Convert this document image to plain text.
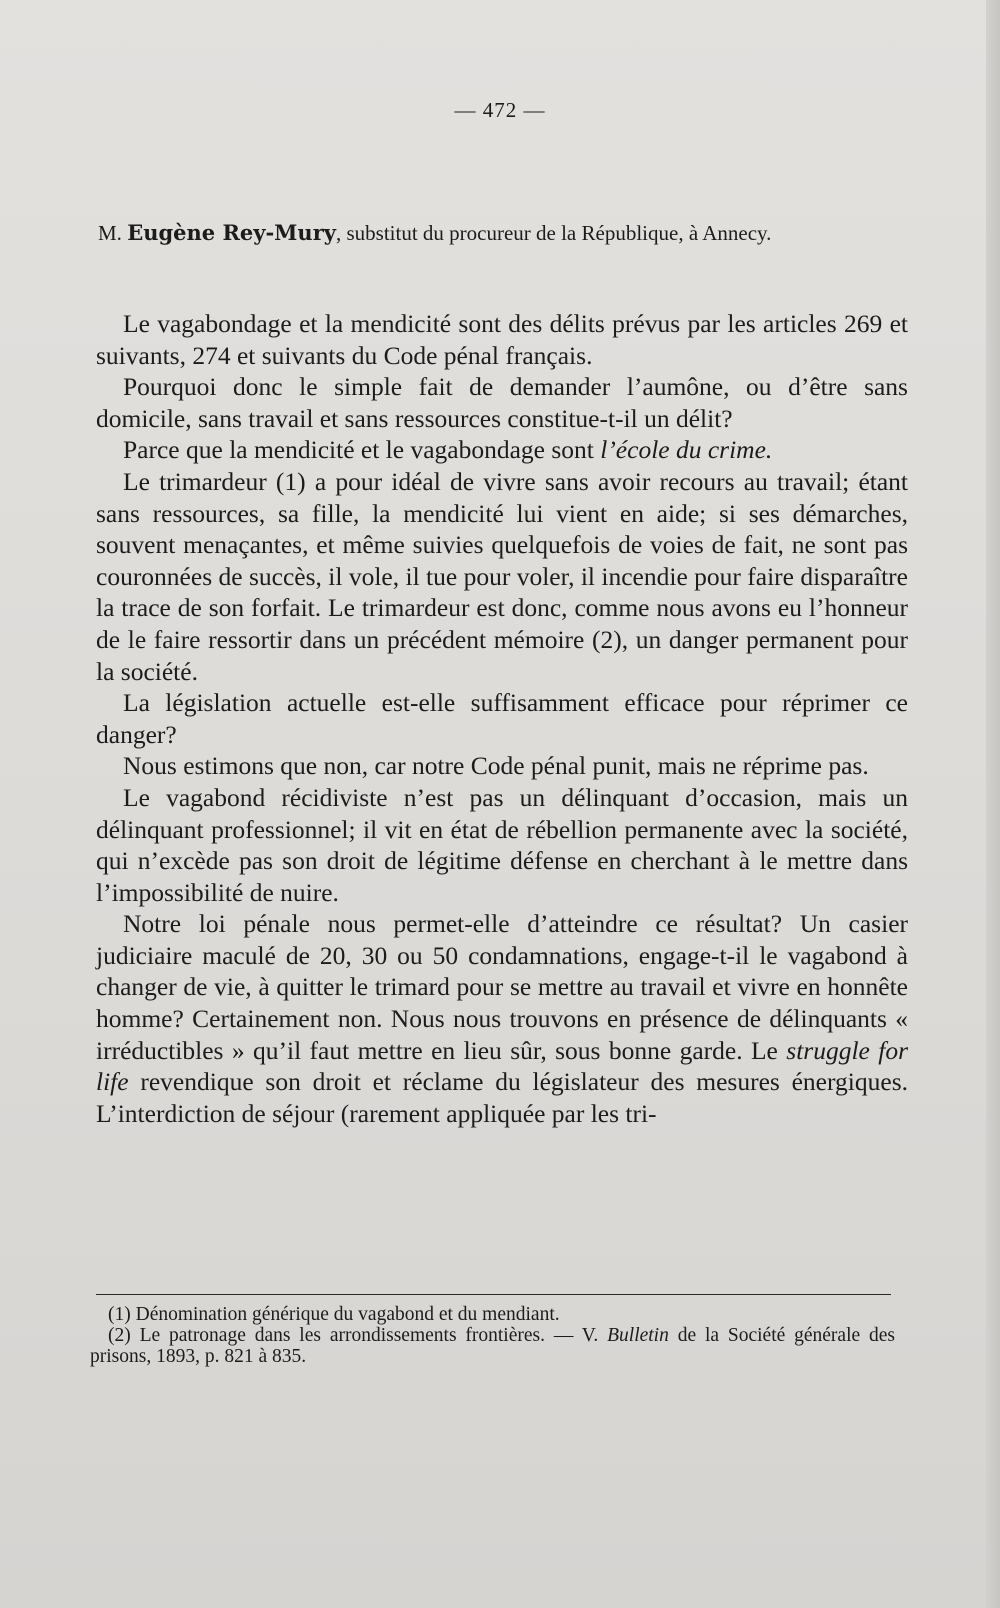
— 472 —
M. Eugène Rey-Mury, substitut du procureur de la République, à Annecy.

Le vagabondage et la mendicité sont des délits prévus par les articles 269 et suivants, 274 et suivants du Code pénal français.

Pourquoi donc le simple fait de demander l’aumône, ou d’être sans domicile, sans travail et sans ressources constitue-t-il un délit?

Parce que la mendicité et le vagabondage sont l’école du crime.

Le trimardeur (1) a pour idéal de vivre sans avoir recours au travail; étant sans ressources, sa fille, la mendicité lui vient en aide; si ses démarches, souvent menaçantes, et même suivies quelquefois de voies de fait, ne sont pas couronnées de succès, il vole, il tue pour voler, il incendie pour faire disparaître la trace de son forfait. Le trimardeur est donc, comme nous avons eu l’honneur de le faire ressortir dans un précédent mémoire (2), un danger permanent pour la société.

La législation actuelle est-elle suffisamment efficace pour réprimer ce danger?

Nous estimons que non, car notre Code pénal punit, mais ne réprime pas.

Le vagabond récidiviste n’est pas un délinquant d’occasion, mais un délinquant professionnel; il vit en état de rébellion permanente avec la société, qui n’excède pas son droit de légitime défense en cherchant à le mettre dans l’impossibilité de nuire.

Notre loi pénale nous permet-elle d’atteindre ce résultat? Un casier judiciaire maculé de 20, 30 ou 50 condamnations, engage-t-il le vagabond à changer de vie, à quitter le trimard pour se mettre au travail et vivre en honnête homme? Certainement non. Nous nous trouvons en présence de délinquants « irréductibles » qu’il faut mettre en lieu sûr, sous bonne garde. Le struggle for life revendique son droit et réclame du législateur des mesures énergiques. L’interdiction de séjour (rarement appliquée par les tri-

(1) Dénomination générique du vagabond et du mendiant.

(2) Le patronage dans les arrondissements frontières. — V. Bulletin de la Société générale des prisons, 1893, p. 821 à 835.
